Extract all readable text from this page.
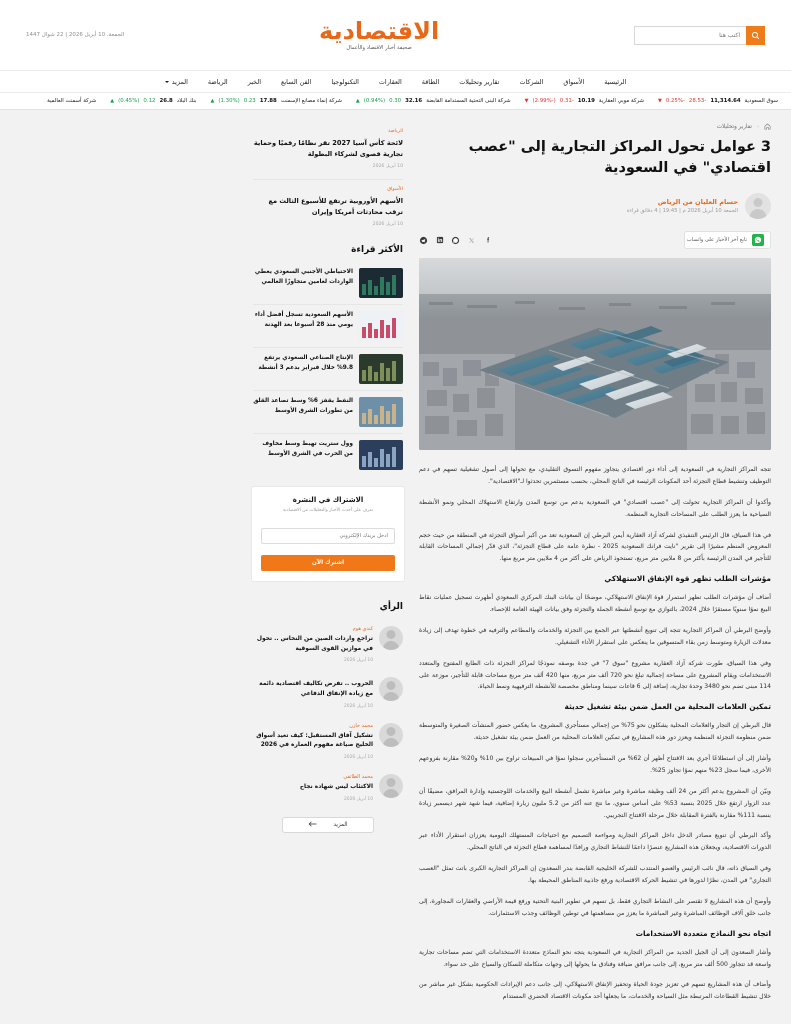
اكتب هنا
الاقتصادية
صحيفة أخبار الاقتصاد والأعمال
الجمعة، 10 أبريل 2026 | 22 شوال 1447
الرئيسية
الأسواق
الشركات
تقارير وتحليلات
الطاقة
العقارات
التكنولوجيا
الفن السابع
الخبر
الرياضة
المزيد
سوق السعودية
11,314.64
-28.53
-0.25%
▼
شركة موبي العقارية
10.19
-0.31
(-2.99%)
▼
شركة البنى التحتية المستدامة القابضة
32.16
0.30
(0.94%)
▲
شركة إنماء مصانع الإسمنت
17.88
0.23
(1.30%)
▲
بنك البلاد
26.8
0.12
(0.45%)
▲
شركة أسمنت العالمية
‹
تقارير وتحليلات
3 عوامل تحول المراكز التجارية إلى "عصب اقتصادي" في السعودية
حسام العليان من الرياض
الجمعة 10 أبريل 2026 م | 19:45 | 4 دقائق قراءة
تابع آخر الأخبار على واتساب

تتجه المراكز التجارية في السعودية إلى أداء دور اقتصادي يتجاوز مفهوم التسوق التقليدي، مع تحولها إلى أصول تشغيلية تسهم في دعم التوظيف وتنشيط قطاع التجزئة أحد المكونات الرئيسة في الناتج المحلي، بحسب مستثمرين تحدثوا لـ"الاقتصادية".

وأكدوا أن المراكز التجارية تحولت إلى "عصب اقتصادي" في السعودية بدعم من توسع المدن وارتفاع الاستهلاك المحلي ونمو الأنشطة السياحية ما يعزز الطلب على المساحات التجارية المنظمة.

في هذا السياق، قال الرئيس التنفيذي لشركة آزاد العقارية أيمن البرطي إن السعودية تعد من أكبر أسواق التجزئة في المنطقة من حيث حجم المعروض المنظم مشيرًا إلى تقرير "نايت فرانك السعودية 2025 - نظرة عامة على قطاع التجزئة"، الذي قدّر إجمالي المساحات القابلة للتأجير في المدن الرئيسة بأكثر من 8 ملايين متر مربع، تستحوذ الرياض على أكثر من 4 ملايين متر مربع منها.

مؤشرات الطلب تظهر قوة الإنفاق الاستهلاكي

أضاف أن مؤشرات الطلب تظهر استمرار قوة الإنفاق الاستهلاكي، موضحًا أن بيانات البنك المركزي السعودي أظهرت تسجيل عمليات نقاط البيع نموًا سنويًا مستقرًا خلال 2024، بالتوازي مع توسع أنشطة الجملة والتجزئة وفق بيانات الهيئة العامة للإحصاء.

وأوضح البرطي أن المراكز التجارية تتجه إلى تنويع أنشطتها عبر الجمع بين التجزئة والخدمات والمطاعم والترفيه في خطوة تهدف إلى زيادة معدلات الزيارة ومتوسط زمن بقاء المتسوقين ما ينعكس على استقرار الأداء التشغيلي.

وفي هذا السياق، طورت شركة آزاد العقارية مشروع "سوق 7" في جدة بوصفه نموذجًا لمراكز التجزئة ذات الطابع المفتوح والمتعدد الاستخدامات ويقام المشروع على مساحة إجمالية تبلغ نحو 720 ألف متر مربع، منها 420 ألف متر مربع مساحات قابلة للتأجير، موزعة على 114 مبنى تضم نحو 3480 وحدة تجارية، إضافة إلى 6 قاعات سينما ومناطق مخصصة للأنشطة الترفيهية ونمط الحياة.

تمكين العلامات المحلية من العمل ضمن بيئة تشغيل حديثة

قال البرطي إن التجار والعلامات المحلية يشكلون نحو 75% من إجمالي مستأجري المشروع، ما يعكس حضور المنشآت الصغيرة والمتوسطة ضمن منظومة التجزئة المنظمة ويعزز دور هذه المشاريع في تمكين العلامات المحلية من العمل ضمن بيئة تشغيل حديثة.

وأشار إلى أن استطلاعًا أجري بعد الافتتاح أظهر أن 62% من المستأجرين سجلوا نموًا في المبيعات تراوح بين 10% و20% مقارنة بفروعهم الأخرى، فيما سجل 23% منهم نموًا تجاوز 25%.

وبيّن أن المشروع يدعم أكثر من 24 ألف وظيفة مباشرة وغير مباشرة تشمل أنشطة البيع والخدمات اللوجستية وإدارة المرافق، مضيفًا أن عدد الزوار ارتفع خلال 2025 بنسبة 53% على أساس سنوي، ما نتج عنه أكثر من 5.2 مليون زيارة إضافية، فيما شهد شهر ديسمبر زيادة بنسبة 111% مقارنة بالفترة المقابلة خلال مرحلة الافتتاح التجريبي.

وأكد البرطي أن تنويع مصادر الدخل داخل المراكز التجارية ومواءمة التصميم مع احتياجات المستهلك اليومية يعززان استقرار الأداء عبر الدورات الاقتصادية، ويجعلان هذه المشاريع عنصرًا داعمًا للنشاط التجاري ورافدًا لمساهمة قطاع التجزئة في الناتج المحلي.

وفي السياق ذاته، قال نائب الرئيس والعضو المنتدب للشركة الخليجية القابضة بندر السعدون إن المراكز التجارية الكبرى باتت تمثل "العصب التجاري" في المدن، نظرًا لدورها في تنشيط الحركة الاقتصادية ورفع جاذبية المناطق المحيطة بها.

وأوضح أن هذه المشاريع لا تقتصر على النشاط التجاري فقط، بل تسهم في تطوير البنية التحتية ورفع قيمة الأراضي والعقارات المجاورة، إلى جانب خلق آلاف الوظائف المباشرة وغير المباشرة ما يعزز من مساهمتها في توطين الوظائف وجذب الاستثمارات.

اتجاه نحو النماذج متعددة الاستخدامات

وأشار السعدون إلى أن الجيل الجديد من المراكز التجارية في السعودية يتجه نحو النماذج متعددة الاستخدامات التي تضم مساحات تجارية واسعة قد تتجاوز 500 ألف متر مربع، إلى جانب مرافق ضيافة وفنادق ما يحولها إلى وجهات متكاملة للسكان والسياح على حد سواء.

وأضاف أن هذه المشاريع تسهم في تعزيز جودة الحياة وتحفيز الإنفاق الاستهلاكي، إلى جانب دعم الإيرادات الحكومية بشكل غير مباشر من خلال تنشيط القطاعات المرتبطة مثل السياحة والخدمات، ما يجعلها أحد مكونات الاقتصاد الحضري المستدام

الرياضة
لائحة كأس آسيا 2027 تقر نظامًا رقميًا وحماية تجارية قصوى لشركاء البطولة
10 أبريل 2026
الأسواق
الأسهم الأوروبية ترتفع للأسبوع الثالث مع ترقب محادثات أمريكا وإيران
10 أبريل 2026
الأكثر قراءة
الاحتياطي الأجنبي السعودي يغطي الواردات لعامين متجاوزًا العالمي
الأسهم السعودية تسجل أفضل أداء يومي منذ 28 أسبوعا بعد الهدنة
الإنتاج الصناعي السعودي يرتفع 9.8% خلال فبراير بدعم 3 أنشطة
النفط يقفز 6% وسط تصاعد القلق من تطورات الشرق الأوسط
وول ستريت تهبط وسط مخاوف من الحرب في الشرق الأوسط
الاشتراك في النشرة
تعرف على أحدث الأخبار والتحليلات من الاقتصادية
أدخل بريدك الإلكتروني اشترك الآن
الرأي
كندي هوم
تراجع واردات الصين من النحاس .. تحول في موازين القوى السوقية
10 أبريل 2026
الحروب .. تفرض تكاليف اقتصادية دائمة مع زيادة الإنفاق الدفاعي
10 أبريل 2026
محمد خازن
تشكيل آفاق المستقبل: كيف تعيد أسواق الخليج صياغة مفهوم العمارة في 2026
10 أبريل 2026
محمد الطائفي
الاكتئاب ليس شهادة نجاح
10 أبريل 2026
المزيد
